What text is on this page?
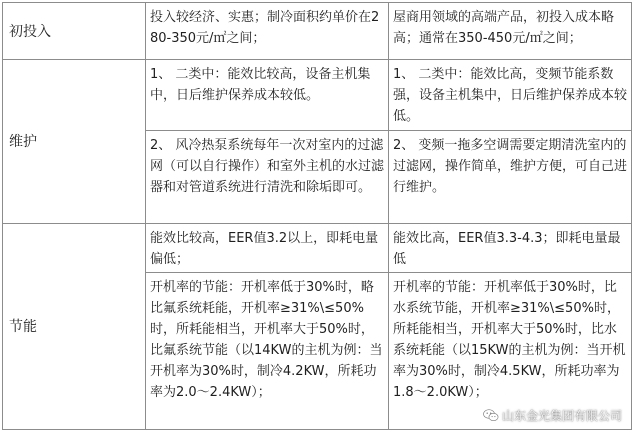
初投入	投入较经济、实惠；制冷面积约单价在280-350元/㎡之间；	屋商用领域的高端产品，初投入成本略高；通常在350-450元/㎡之间；

维护	1、 二类中：能效比较高，设备主机集中，日后维护保养成本较低。	1、 二类中：能效比高，变频节能系数强，设备主机集中，日后维护保养成本较低。

	2、 风冷热泵系统每年一次对室内的过滤网（可以自行操作）和室外主机的水过滤器和对管道系统进行清洗和除垢即可。	2、 变频一拖多空调需要定期清洗室内的过滤网，操作简单，维护方便，可自己进行维护。

节能	能效比较高，EER值3.2以上，即耗电量偏低；	能效比高，EER值3.3-4.3；即耗电量最低

	开机率的节能：开机率低于30%时，略比氟系统耗能，开机率≥31%\≤50%时，所耗能相当，开机率大于50%时，比氟系统节能（以14KW的主机为例：当开机率为30%时，制冷4.2KW，所耗功率为2.0～2.4KW）；	开机率的节能：开机率低于30%时，比水系统节能，开机率≥31%\≤50%时，所耗能相当，开机率大于50%时，比水系统耗能（以15KW的主机为例：当开机率为30%时，制冷4.5KW，所耗功率为1.8～2.0KW）；
山东金光集团有限公司
